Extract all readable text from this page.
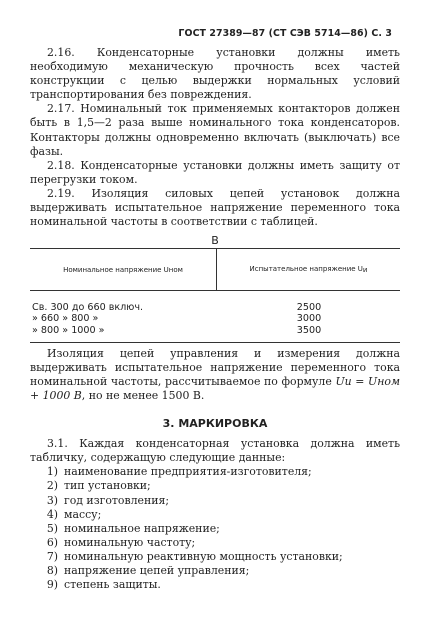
ГОСТ 27389—87 (СТ СЭВ 5714—86) С. 3

2.16. Конденсаторные установки должны иметь необходимую механическую прочность всех частей конструкции с целью выдержки нормальных условий транспортирования без повреждения.

2.17. Номинальный ток применяемых контакторов должен быть в 1,5—2 раза выше номинального тока конденсаторов. Контакторы должны одновременно включать (выключать) все фазы.

2.18. Конденсаторные установки должны иметь защиту от перегрузки током.

2.19. Изоляция силовых цепей установок должна выдерживать испытательное напряжение переменного тока номинальной частоты в соответствии с таблицей.

В
Номинальное напряжение U ном	Испытательное напряжение Uи
Св. 300 до 660 включ.
» 660 » 800 »
» 800 » 1000 »
2500
3000
3500

Изоляция цепей управления и измерения должна выдерживать испытательное напряжение переменного тока номинальной частоты, рассчитываемое по формуле Uи = Uном + 1000 В, но не менее 1500 В.

3. МАРКИРОВКА

3.1. Каждая конденсаторная установка должна иметь табличку, содержащую следующие данные:

1) наименование предприятия-изготовителя;
2) тип установки;
3) год изготовления;
4) массу;
5) номинальное напряжение;
6) номинальную частоту;
7) номинальную реактивную мощность установки;
8) напряжение цепей управления;
9) степень защиты.
